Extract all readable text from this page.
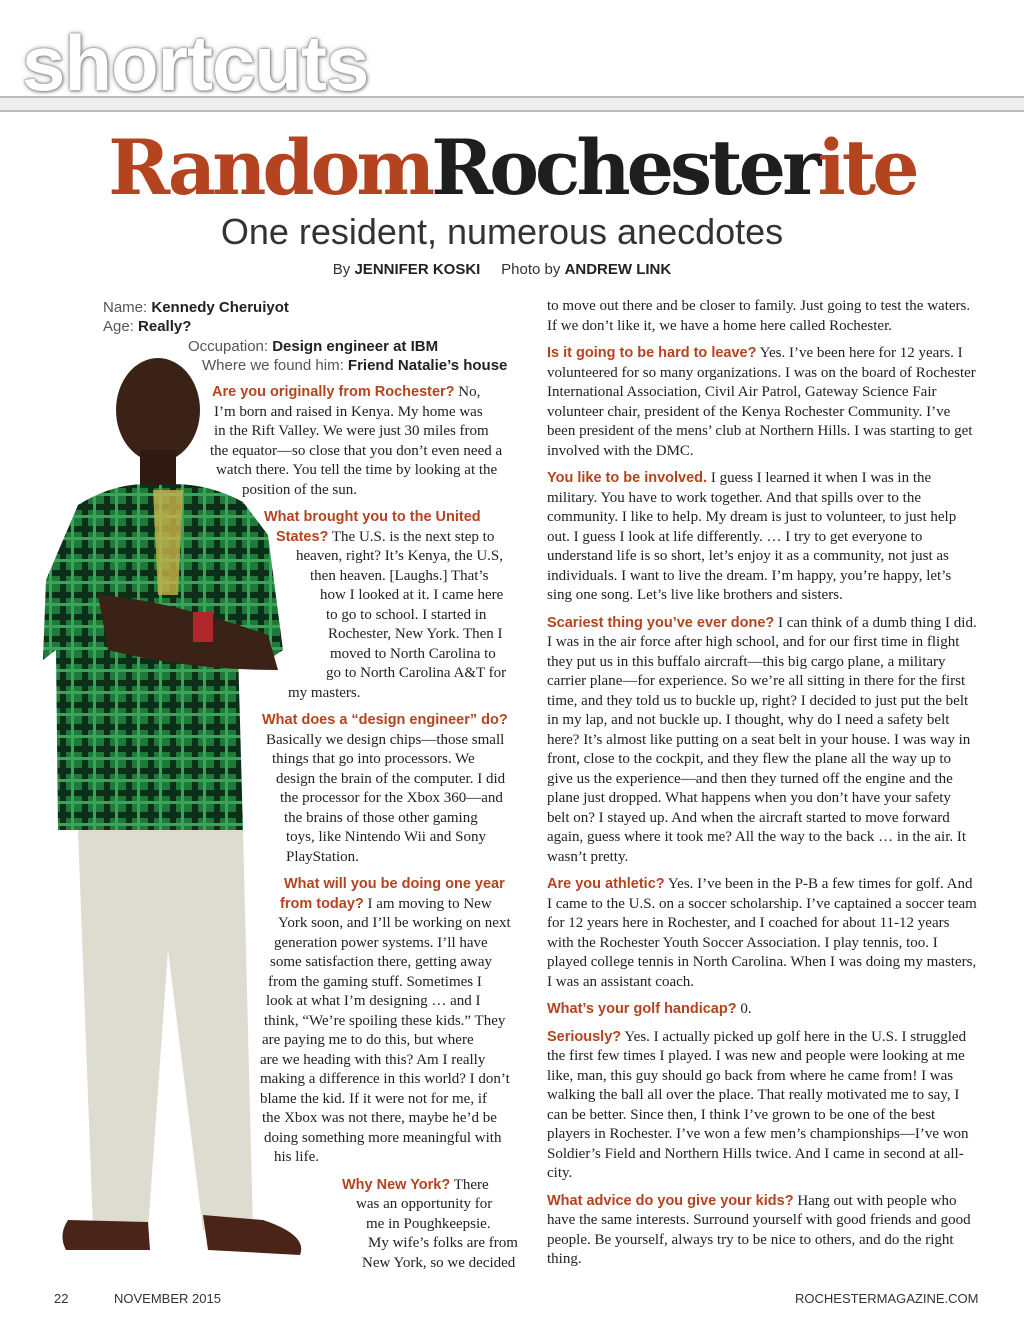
shortcuts
RandomRochesterite
One resident, numerous anecdotes
By JENNIFER KOSKI Photo by ANDREW LINK
Name: Kennedy Cheruiyot
Age: Really?
Occupation: Design engineer at IBM
Where we found him: Friend Natalie’s house

Are you originally from Rochester? No,
I’m born and raised in Kenya. My home was
in the Rift Valley. We were just 30 miles from
the equator—so close that you don’t even need a
watch there. You tell the time by looking at the
position of the sun.

What brought you to the United
States? The U.S. is the next step to
heaven, right? It’s Kenya, the U.S,
then heaven. [Laughs.] That’s
how I looked at it. I came here
to go to school. I started in
Rochester, New York. Then I
moved to North Carolina to
go to North Carolina A&T for
my masters.

What does a “design engineer” do?
Basically we design chips—those small
things that go into processors. We
design the brain of the computer. I did
the processor for the Xbox 360—and
the brains of those other gaming
toys, like Nintendo Wii and Sony
PlayStation.

What will you be doing one year
from today? I am moving to New
York soon, and I’ll be working on next
generation power systems. I’ll have
some satisfaction there, getting away
from the gaming stuff. Sometimes I
look at what I’m designing … and I
think, “We’re spoiling these kids.” They
are paying me to do this, but where
are we heading with this? Am I really
making a difference in this world? I don’t
blame the kid. If it were not for me, if
the Xbox was not there, maybe he’d be
doing something more meaningful with
his life.

Why New York? There
was an opportunity for
me in Poughkeepsie.
My wife’s folks are from
New York, so we decided

to move out there and be closer to family. Just going to test the waters. If we don’t like it, we have a home here called Rochester.

Is it going to be hard to leave? Yes. I’ve been here for 12 years. I volunteered for so many organizations. I was on the board of Rochester International Association, Civil Air Patrol, Gateway Science Fair volunteer chair, president of the Kenya Rochester Community. I’ve been president of the mens’ club at Northern Hills. I was starting to get involved with the DMC.

You like to be involved. I guess I learned it when I was in the military. You have to work together. And that spills over to the community. I like to help. My dream is just to volunteer, to just help out. I guess I look at life differently. … I try to get everyone to understand life is so short, let’s enjoy it as a community, not just as individuals. I want to live the dream. I’m happy, you’re happy, let’s sing one song. Let’s live like brothers and sisters.

Scariest thing you’ve ever done? I can think of a dumb thing I did. I was in the air force after high school, and for our first time in flight they put us in this buffalo aircraft—this big cargo plane, a military carrier plane—for experience. So we’re all sitting in there for the first time, and they told us to buckle up, right? I decided to just put the belt in my lap, and not buckle up. I thought, why do I need a safety belt here? It’s almost like putting on a seat belt in your house. I was way in front, close to the cockpit, and they flew the plane all the way up to give us the experience—and then they turned off the engine and the plane just dropped. What happens when you don’t have your safety belt on? I stayed up. And when the aircraft started to move forward again, guess where it took me? All the way to the back … in the air. It wasn’t pretty.

Are you athletic? Yes. I’ve been in the P-B a few times for golf. And I came to the U.S. on a soccer scholarship. I’ve captained a soccer team for 12 years here in Rochester, and I coached for about 11-12 years with the Rochester Youth Soccer Association. I play tennis, too. I played college tennis in North Carolina. When I was doing my masters, I was an assistant coach.

What’s your golf handicap? 0.

Seriously? Yes. I actually picked up golf here in the U.S. I struggled the first few times I played. I was new and people were looking at me like, man, this guy should go back from where he came from! I was walking the ball all over the place. That really motivated me to say, I can be better. Since then, I think I’ve grown to be one of the best players in Rochester. I’ve won a few men’s championships—I’ve won Soldier’s Field and Northern Hills twice. And I came in second at all-city.

What advice do you give your kids? Hang out with people who have the same interests. Surround yourself with good friends and good people. Be yourself, always try to be nice to others, and do the right thing.

22	NOVEMBER 2015	ROCHESTERMAGAZINE.COM
